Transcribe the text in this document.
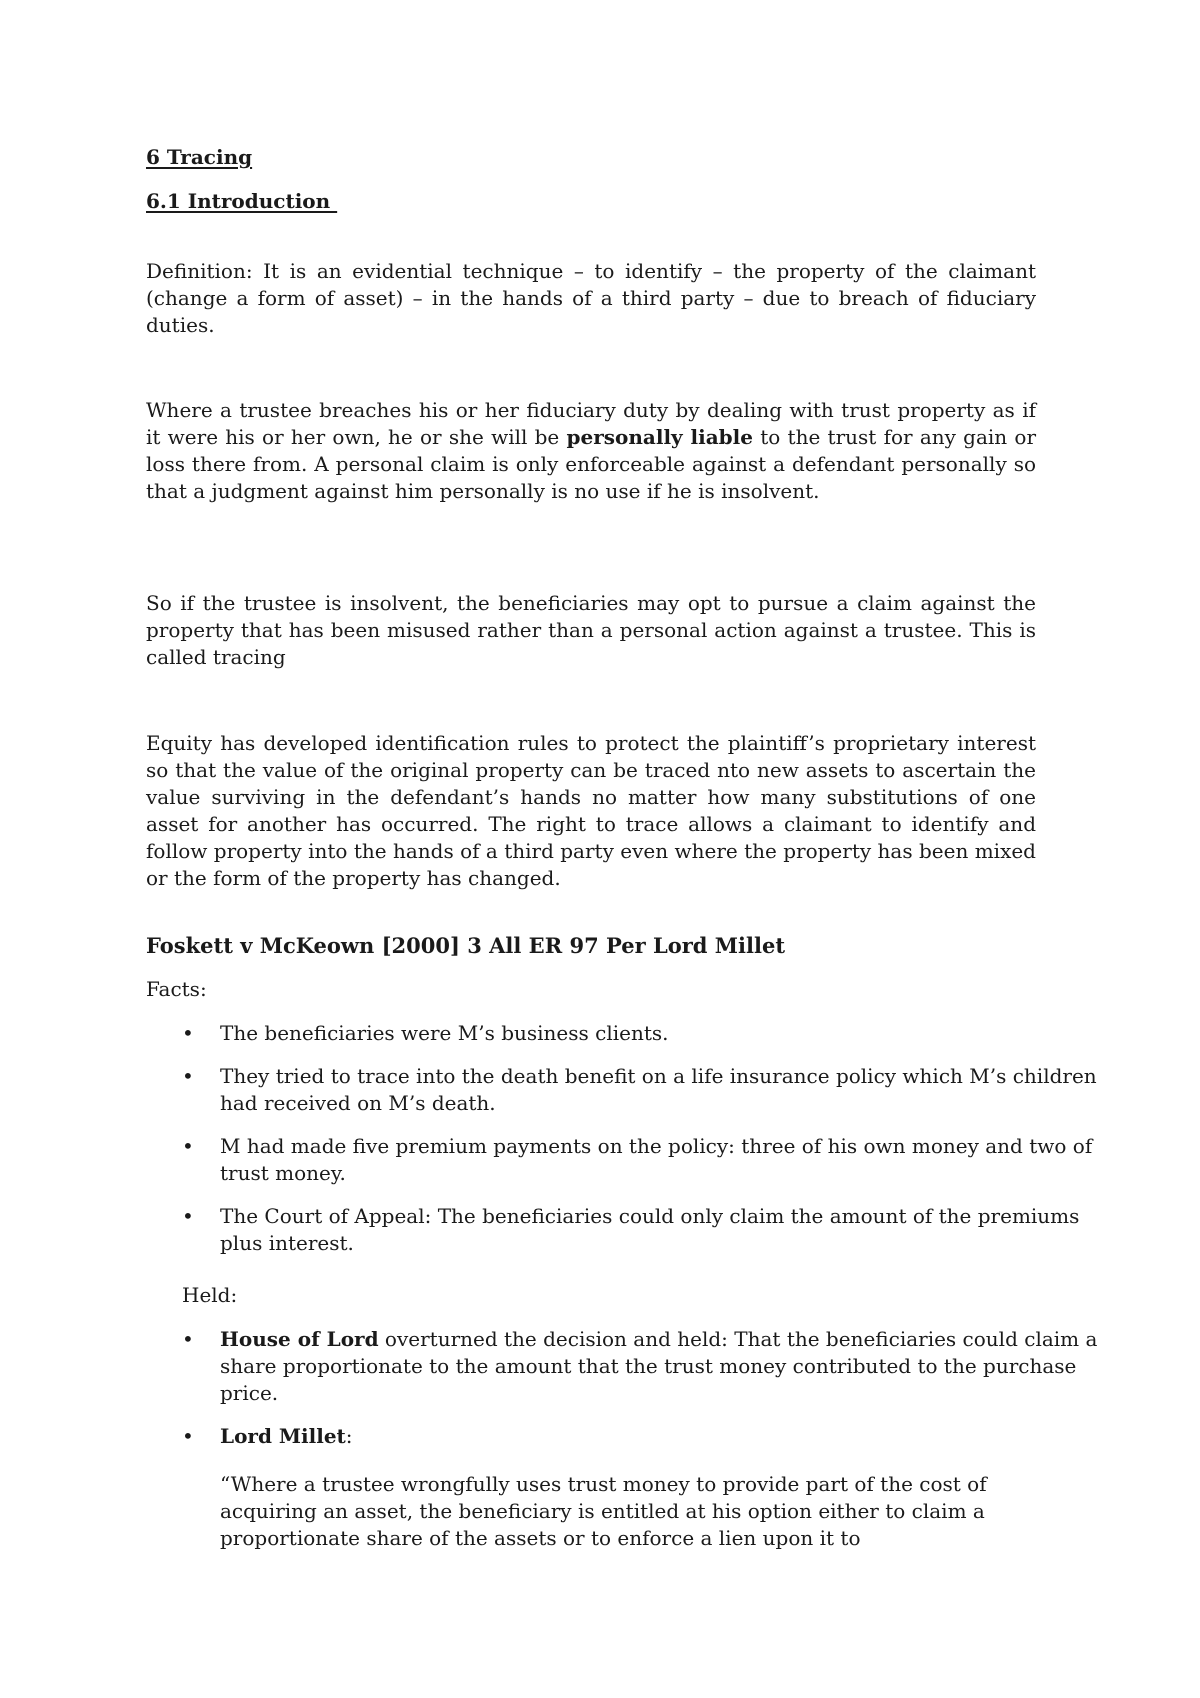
6 Tracing
6.1 Introduction

Definition: It is an evidential technique – to identify – the property of the claimant (change a form of asset) – in the hands of a third party – due to breach of fiduciary duties.

Where a trustee breaches his or her fiduciary duty by dealing with trust property as if it were his or her own, he or she will be personally liable to the trust for any gain or loss there from. A personal claim is only enforceable against a defendant personally so that a judgment against him personally is no use if he is insolvent.

So if the trustee is insolvent, the beneficiaries may opt to pursue a claim against the property that has been misused rather than a personal action against a trustee. This is called tracing

Equity has developed identification rules to protect the plaintiff’s proprietary interest so that the value of the original property can be traced nto new assets to ascertain the value surviving in the defendant’s hands no matter how many substitutions of one asset for another has occurred. The right to trace allows a claimant to identify and follow property into the hands of a third party even where the property has been mixed or the form of the property has changed.

Foskett v McKeown [2000] 3 All ER 97 Per Lord Millet
Facts:
• The beneficiaries were M’s business clients.
• They tried to trace into the death benefit on a life insurance policy which M’s children had received on M’s death.
• M had made five premium payments on the policy: three of his own money and two of trust money.
• The Court of Appeal: The beneficiaries could only claim the amount of the premiums plus interest.
Held:
• House of Lord overturned the decision and held: That the beneficiaries could claim a share proportionate to the amount that the trust money contributed to the purchase price.
• Lord Millet:

“Where a trustee wrongfully uses trust money to provide part of the cost of acquiring an asset, the beneficiary is entitled at his option either to claim a proportionate share of the assets or to enforce a lien upon it to
